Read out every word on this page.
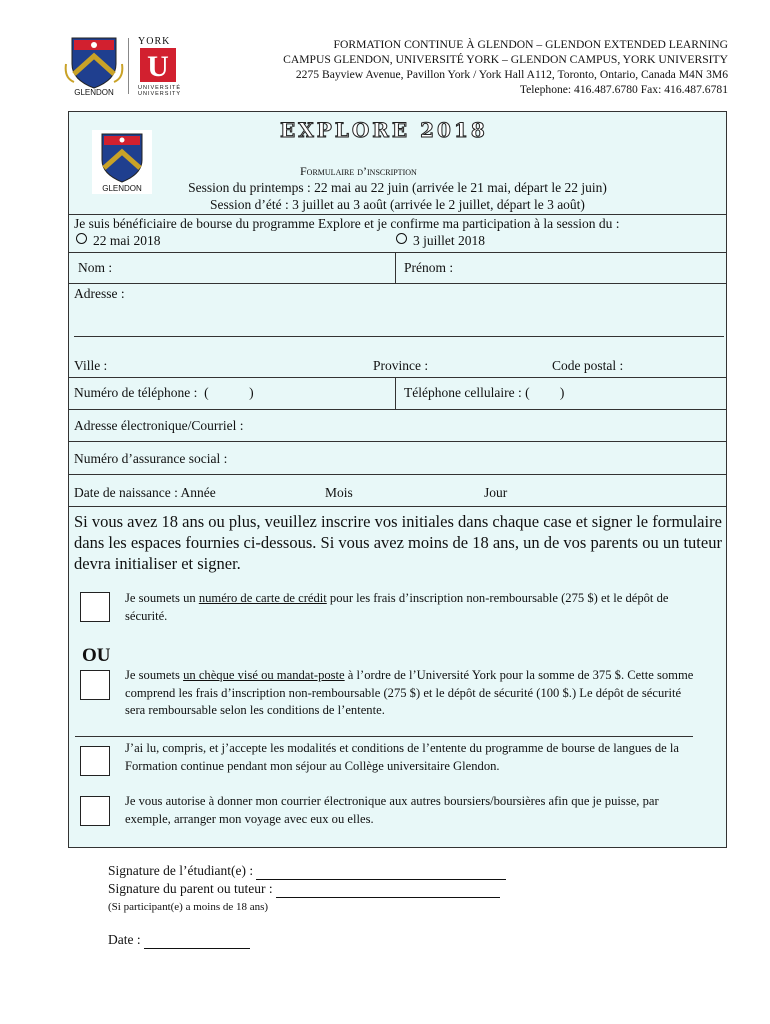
GLENDON
YORK
U
UNIVERSITÉ
UNIVERSITY
FORMATION CONTINUE À GLENDON – GLENDON EXTENDED LEARNING
CAMPUS GLENDON, UNIVERSITÉ YORK – GLENDON CAMPUS, YORK UNIVERSITY
2275 Bayview Avenue, Pavillon York / York Hall A112, Toronto, Ontario, Canada M4N 3M6
Telephone: 416.487.6780 Fax: 416.487.6781
EXPLORE 2018
GLENDON
Formulaire d’inscription
Session du printemps : 22 mai au 22 juin (arrivée le 21 mai, départ le 22 juin)
Session d’été : 3 juillet au 3 août (arrivée le 2 juillet, départ le 3 août)
Je suis bénéficiaire de bourse du programme Explore et je confirme ma participation à la session du :
22 mai 2018	3 juillet 2018
Nom :	Prénom :
Adresse :
Ville :	Province :	Code postal :
Numéro de téléphone :  (            )	Téléphone cellulaire : (         )
Adresse électronique/Courriel :
Numéro d’assurance social :
Date de naissance : Année	Mois	Jour
Si vous avez 18 ans ou plus, veuillez inscrire vos initiales dans chaque case et signer le formulaire dans les espaces fournies ci-dessous. Si vous avez moins de 18 ans, un de vos parents ou un tuteur devra initialiser et signer.
Je soumets un numéro de carte de crédit pour les frais d’inscription non-remboursable (275 $) et le dépôt de sécurité.
OU
Je soumets un chèque visé ou mandat-poste à l’ordre de l’Université York pour la somme de 375 $. Cette somme comprend les frais d’inscription non-remboursable (275 $) et le dépôt de sécurité (100 $.) Le dépôt de sécurité sera remboursable selon les conditions de l’entente.
J’ai lu, compris, et j’accepte les modalités et conditions de l’entente du programme de bourse de langues de la Formation continue pendant mon séjour au Collège universitaire Glendon.
Je vous autorise à donner mon courrier électronique aux autres boursiers/boursières afin que je puisse, par exemple, arranger mon voyage avec eux ou elles.
Signature de l’étudiant(e) :
Signature du parent ou tuteur :
(Si participant(e) a moins de 18 ans)
Date :
